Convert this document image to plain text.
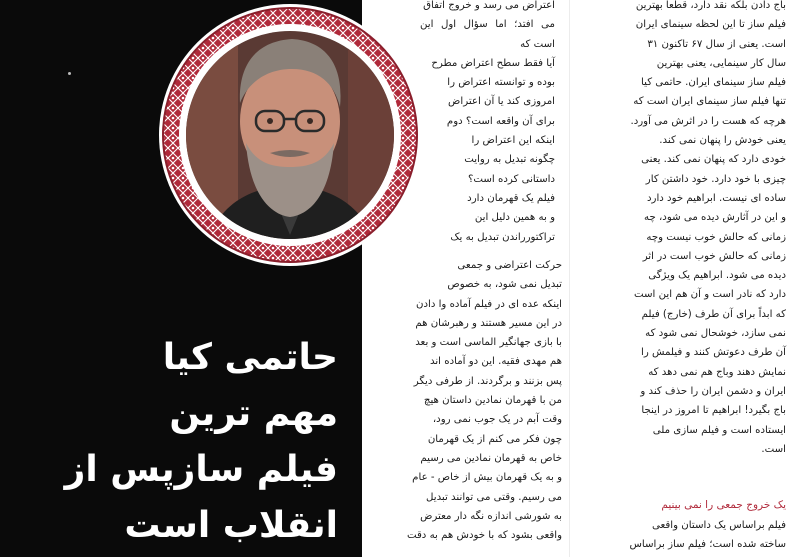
حاتمی کیا
مهم ترین
فیلم سازپس از
انقلاب است

اعتراض می رسد و خروج اتفاق

می افتد؛ اما سؤال اول این است که

آیا فقط سطح اعتراض مطرح

بوده و توانسته اعتراض را

امروزی کند یا آن اعتراض

برای آن واقعه است؟ دوم

اینکه این اعتراض را

چگونه تبدیل به روایت

داستانی کرده است؟

فیلم یک قهرمان دارد

و به همین دلیل این

تراکتورراندن تبدیل به یک

حرکت اعتراضی و جمعی

تبدیل نمی شود، به خصوص

اینکه عده ای در فیلم آماده وا دادن

در این مسیر هستند و رهبرشان هم

با بازی جهانگیر الماسی است و بعد

هم مهدی فقیه. این دو آماده اند

پس بزنند و برگردند. از طرفی دیگر

من با قهرمان نمادین داستان هیچ

وقت آبم در یک جوب نمی رود،

چون فکر می کنم از یک قهرمان

خاص به قهرمان نمادین می رسیم

و به یک قهرمان بیش از خاص - عام

می رسیم. وقتی می توانند تبدیل

به شورشی اندازه نگه دار معترض

واقعی بشود که با خودش هم به دقت

باج دادن بلکه نقد دارد، قطعا بهترین

فیلم ساز تا این لحظه سینمای ایران

است. یعنی از سال ۶۷ تاکنون ۳۱

سال کار سینمایی، یعنی بهترین

فیلم ساز سینمای ایران. حاتمی کیا

تنها فیلم ساز سینمای ایران است که

هرچه که هست را در اثرش می آورد.

یعنی خودش را پنهان نمی کند.

خودی دارد که پنهان نمی کند. یعنی

چیزی با خود دارد. خود داشتن کار

ساده ای نیست. ابراهیم خود دارد

و این در آثارش دیده می شود، چه

زمانی که حالش خوب نیست وچه

زمانی که حالش خوب است در اثر

دیده می شود. ابراهیم یک ویژگی

دارد که نادر است و آن هم این است

که ابداً برای آن طرف (خارج) فیلم

نمی سازد، خوشحال نمی شود که

آن طرف دعوتش کنند و فیلمش را

نمایش دهند وباج هم نمی دهد که

ایران و دشمن ایران را حذف کند و

باج بگیرد! ابراهیم تا امروز در اینجا

ایستاده است و فیلم سازی ملی

است.

یک خروج جمعی را نمی بینیم

فیلم براساس یک داستان واقعی

ساخته شده است؛ فیلم ساز براساس
